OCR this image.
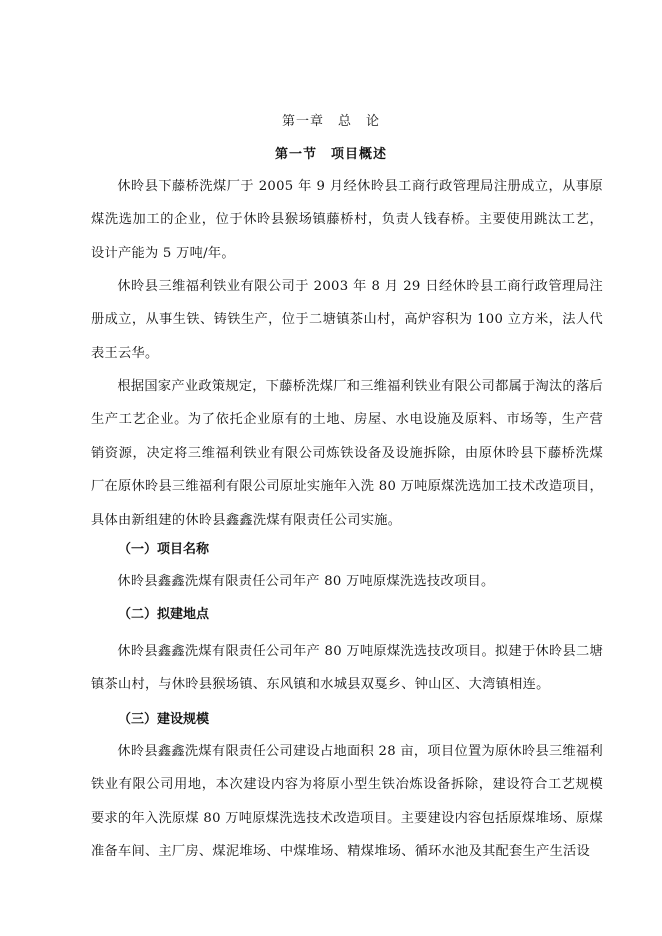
第一章　总　论
第一节　项目概述
休昤县下藤桥洗煤厂于 2005 年 9 月经休昤县工商行政管理局注册成立，从事原煤洗选加工的企业，位于休昤县猴场镇藤桥村，负责人钱春桥。主要使用跳汰工艺，设计产能为 5 万吨/年。
休昤县三维福利铁业有限公司于 2003 年 8 月 29 日经休昤县工商行政管理局注册成立，从事生铁、铸铁生产，位于二塘镇茶山村，高炉容积为 100 立方米，法人代表王云华。
根据国家产业政策规定，下藤桥洗煤厂和三维福利铁业有限公司都属于淘汰的落后生产工艺企业。为了依托企业原有的土地、房屋、水电设施及原料、市场等，生产营销资源，决定将三维福利铁业有限公司炼铁设备及设施拆除，由原休昤县下藤桥洗煤厂在原休昤县三维福利有限公司原址实施年入洗 80 万吨原煤洗选加工技术改造项目，具体由新组建的休昤县鑫鑫洗煤有限责任公司实施。
（一）项目名称
休昤县鑫鑫洗煤有限责任公司年产 80 万吨原煤洗选技改项目。
（二）拟建地点
休昤县鑫鑫洗煤有限责任公司年产 80 万吨原煤洗选技改项目。拟建于休昤县二塘镇茶山村，与休昤县猴场镇、东风镇和水城县双戛乡、钟山区、大湾镇相连。
（三）建设规模
休昤县鑫鑫洗煤有限责任公司建设占地面积 28 亩，项目位置为原休昤县三维福利铁业有限公司用地，本次建设内容为将原小型生铁冶炼设备拆除，建设符合工艺规模要求的年入洗原煤 80 万吨原煤洗选技术改造项目。主要建设内容包括原煤堆场、原煤准备车间、主厂房、煤泥堆场、中煤堆场、精煤堆场、循环水池及其配套生产生活设
